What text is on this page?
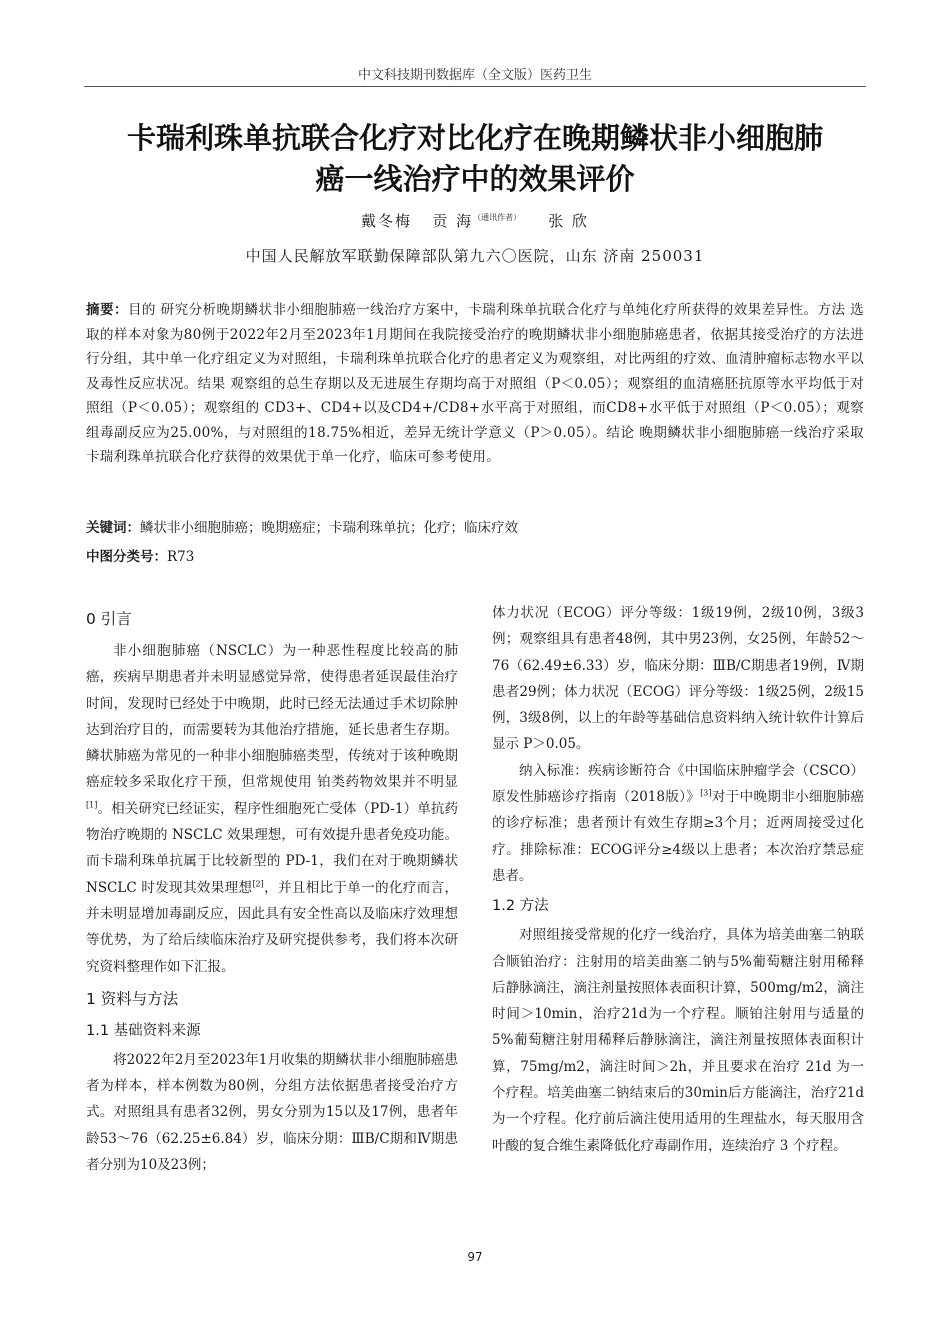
中文科技期刊数据库（全文版）医药卫生
卡瑞利珠单抗联合化疗对比化疗在晚期鳞状非小细胞肺
癌一线治疗中的效果评价
戴冬梅 贡 海$^{(通讯作者)}$ 张 欣
中国人民解放军联勤保障部队第九六〇医院，山东 济南 250031
摘要：目的 研究分析晚期鳞状非小细胞肺癌一线治疗方案中，卡瑞利珠单抗联合化疗与单纯化疗所获得的效果差异性。方法 选取的样本对象为80例于2022年2月至2023年1月期间在我院接受治疗的晚期鳞状非小细胞肺癌患者，依据其接受治疗的方法进行分组，其中单一化疗组定义为对照组，卡瑞利珠单抗联合化疗的患者定义为观察组，对比两组的疗效、血清肿瘤标志物水平以及毒性反应状况。结果 观察组的总生存期以及无进展生存期均高于对照组（P＜0.05）；观察组的血清癌胚抗原等水平均低于对照组（P＜0.05）；观察组的 CD3+、CD4+以及CD4+/CD8+水平高于对照组，而CD8+水平低于对照组（P＜0.05）；观察组毒副反应为25.00%，与对照组的18.75%相近，差异无统计学意义（P＞0.05）。结论 晚期鳞状非小细胞肺癌一线治疗采取卡瑞利珠单抗联合化疗获得的效果优于单一化疗，临床可参考使用。
关键词：鳞状非小细胞肺癌；晚期癌症；卡瑞利珠单抗；化疗；临床疗效
中图分类号：R73
0 引言

非小细胞肺癌（NSCLC）为一种恶性程度比较高的肺癌，疾病早期患者并未明显感觉异常，使得患者延误最佳治疗时间，发现时已经处于中晚期，此时已经无法通过手术切除肿达到治疗目的，而需要转为其他治疗措施，延长患者生存期。鳞状肺癌为常见的一种非小细胞肺癌类型，传统对于该种晚期癌症较多采取化疗干预，但常规使用 铂类药物效果并不明显[1]。相关研究已经证实，程序性细胞死亡受体（PD-1）单抗药物治疗晚期的 NSCLC 效果理想，可有效提升患者免疫功能。而卡瑞利珠单抗属于比较新型的 PD-1，我们在对于晚期鳞状 NSCLC 时发现其效果理想[2]，并且相比于单一的化疗而言，并未明显增加毒副反应，因此具有安全性高以及临床疗效理想等优势，为了给后续临床治疗及研究提供参考，我们将本次研究资料整理作如下汇报。

1 资料与方法
1.1 基础资料来源

将2022年2月至2023年1月收集的期鳞状非小细胞肺癌患者为样本，样本例数为80例，分组方法依据患者接受治疗方式。对照组具有患者32例，男女分别为15以及17例，患者年龄53～76（62.25±6.84）岁，临床分期：ⅢB/C期和Ⅳ期患者分别为10及23例；

体力状况（ECOG）评分等级：1级19例，2级10例，3级3例；观察组具有患者48例，其中男23例，女25例，年龄52～76（62.49±6.33）岁，临床分期：ⅢB/C期患者19例，Ⅳ期患者29例；体力状况（ECOG）评分等级：1级25例，2级15例，3级8例，以上的年龄等基础信息资料纳入统计软件计算后显示 P＞0.05。

纳入标准：疾病诊断符合《中国临床肿瘤学会（CSCO）原发性肺癌诊疗指南（2018版）》[3]对于中晚期非小细胞肺癌的诊疗标准；患者预计有效生存期≥3个月；近两周接受过化疗。排除标准：ECOG评分≥4级以上患者；本次治疗禁忌症患者。

1.2 方法

对照组接受常规的化疗一线治疗，具体为培美曲塞二钠联合顺铂治疗：注射用的培美曲塞二钠与5%葡萄糖注射用稀释后静脉滴注，滴注剂量按照体表面积计算，500mg/m2，滴注时间＞10min，治疗21d为一个疗程。顺铂注射用与适量的5%葡萄糖注射用稀释后静脉滴注，滴注剂量按照体表面积计算，75mg/m2，滴注时间＞2h，并且要求在治疗 21d 为一个疗程。培美曲塞二钠结束后的30min后方能滴注，治疗21d为一个疗程。化疗前后滴注使用适用的生理盐水，每天服用含叶酸的复合维生素降低化疗毒副作用，连续治疗 3 个疗程。

97
